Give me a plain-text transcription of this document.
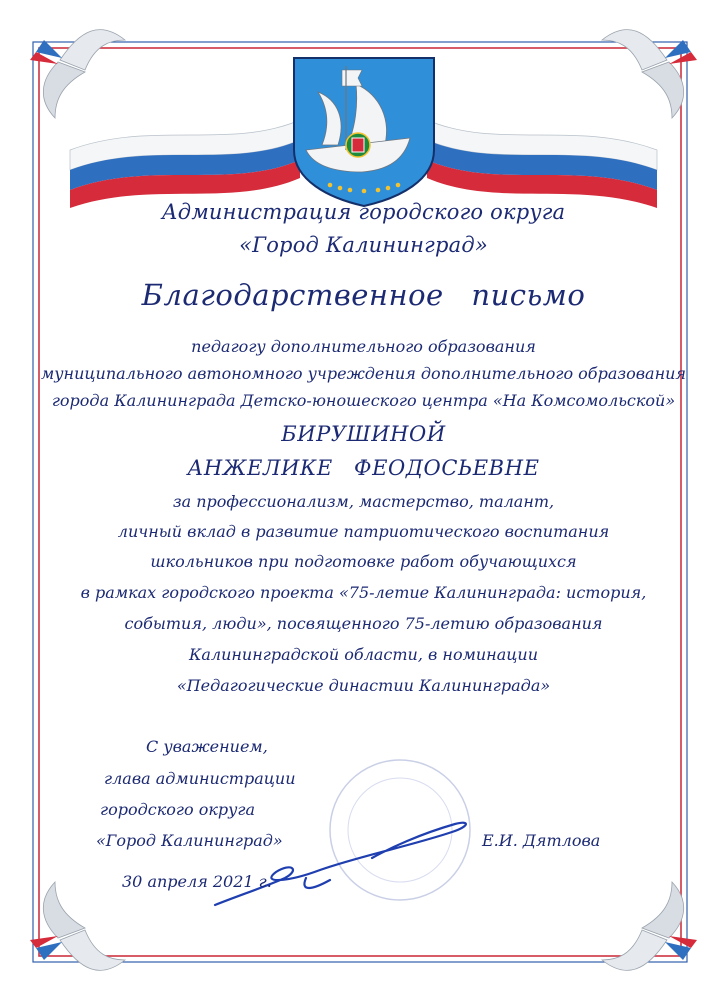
Администрация городского округа
«Город Калининград»
Благодарственное письмо
педагогу дополнительного образования
муниципального автономного учреждения дополнительного образования
города Калининграда Детско-юношеского центра «На Комсомольской»
БИРУШИНОЙ
АНЖЕЛИКЕ ФЕОДОСЬЕВНЕ
за профессионализм, мастерство, талант,
личный вклад в развитие патриотического воспитания
школьников при подготовке работ обучающихся
в рамках городского проекта «75-летие Калининграда: история,
события, люди», посвященного 75-летию образования
Калининградской области, в номинации
«Педагогические династии Калининграда»
С уважением,
глава администрации
городского округа
«Город Калининград»	Е.И. Дятлова
30 апреля 2021 г.
